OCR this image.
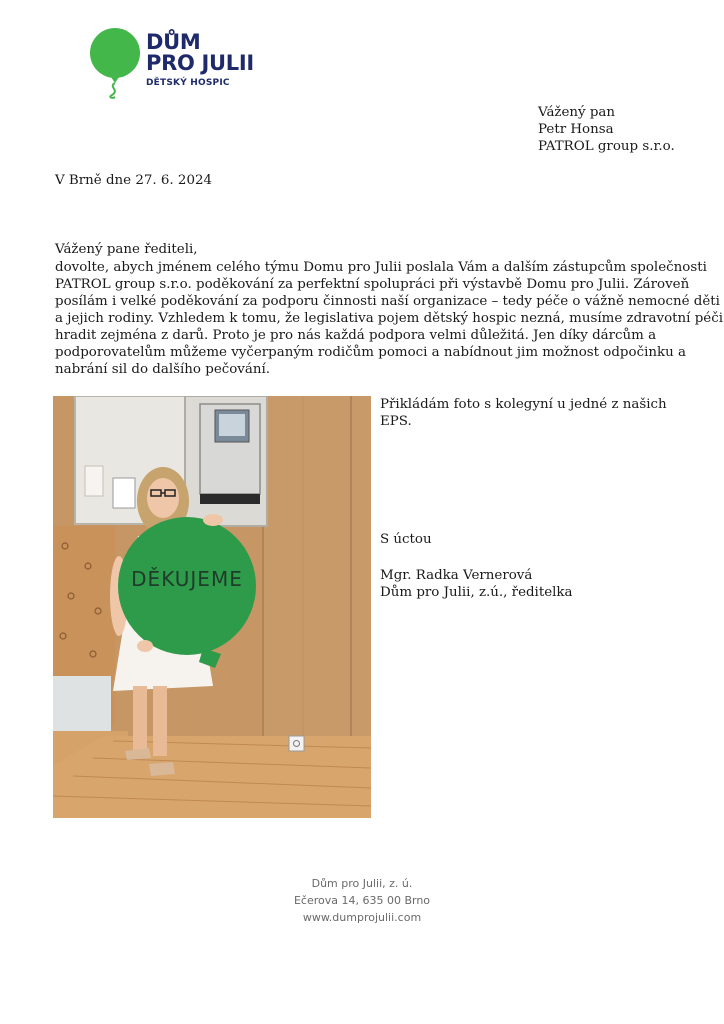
DŮM
PRO JULII
DĚTSKÝ HOSPIC
Vážený pan
Petr Honsa
PATROL group s.r.o.
V Brně dne 27. 6. 2024
Vážený pane řediteli,
dovolte, abych jménem celého týmu Domu pro Julii poslala Vám a dalším zástupcům společnosti
PATROL group s.r.o. poděkování za perfektní spolupráci při výstavbě Domu pro Julii. Zároveň
posílám i velké poděkování za podporu činnosti naší organizace – tedy péče o vážně nemocné děti
a jejich rodiny. Vzhledem k tomu, že legislativa pojem dětský hospic nezná, musíme zdravotní péči
hradit zejména z darů. Proto je pro nás každá podpora velmi důležitá. Jen díky dárcům a
podporovatelům můžeme vyčerpaným rodičům pomoci a nabídnout jim možnost odpočinku a
nabrání sil do dalšího pečování.
DĚKUJEME
Přikládám foto s kolegyní u jedné z našich
EPS.
S úctou
Mgr. Radka Vernerová
Dům pro Julii, z.ú., ředitelka
Dům pro Julii, z. ú.
Ečerova 14, 635 00 Brno
www.dumprojulii.com
